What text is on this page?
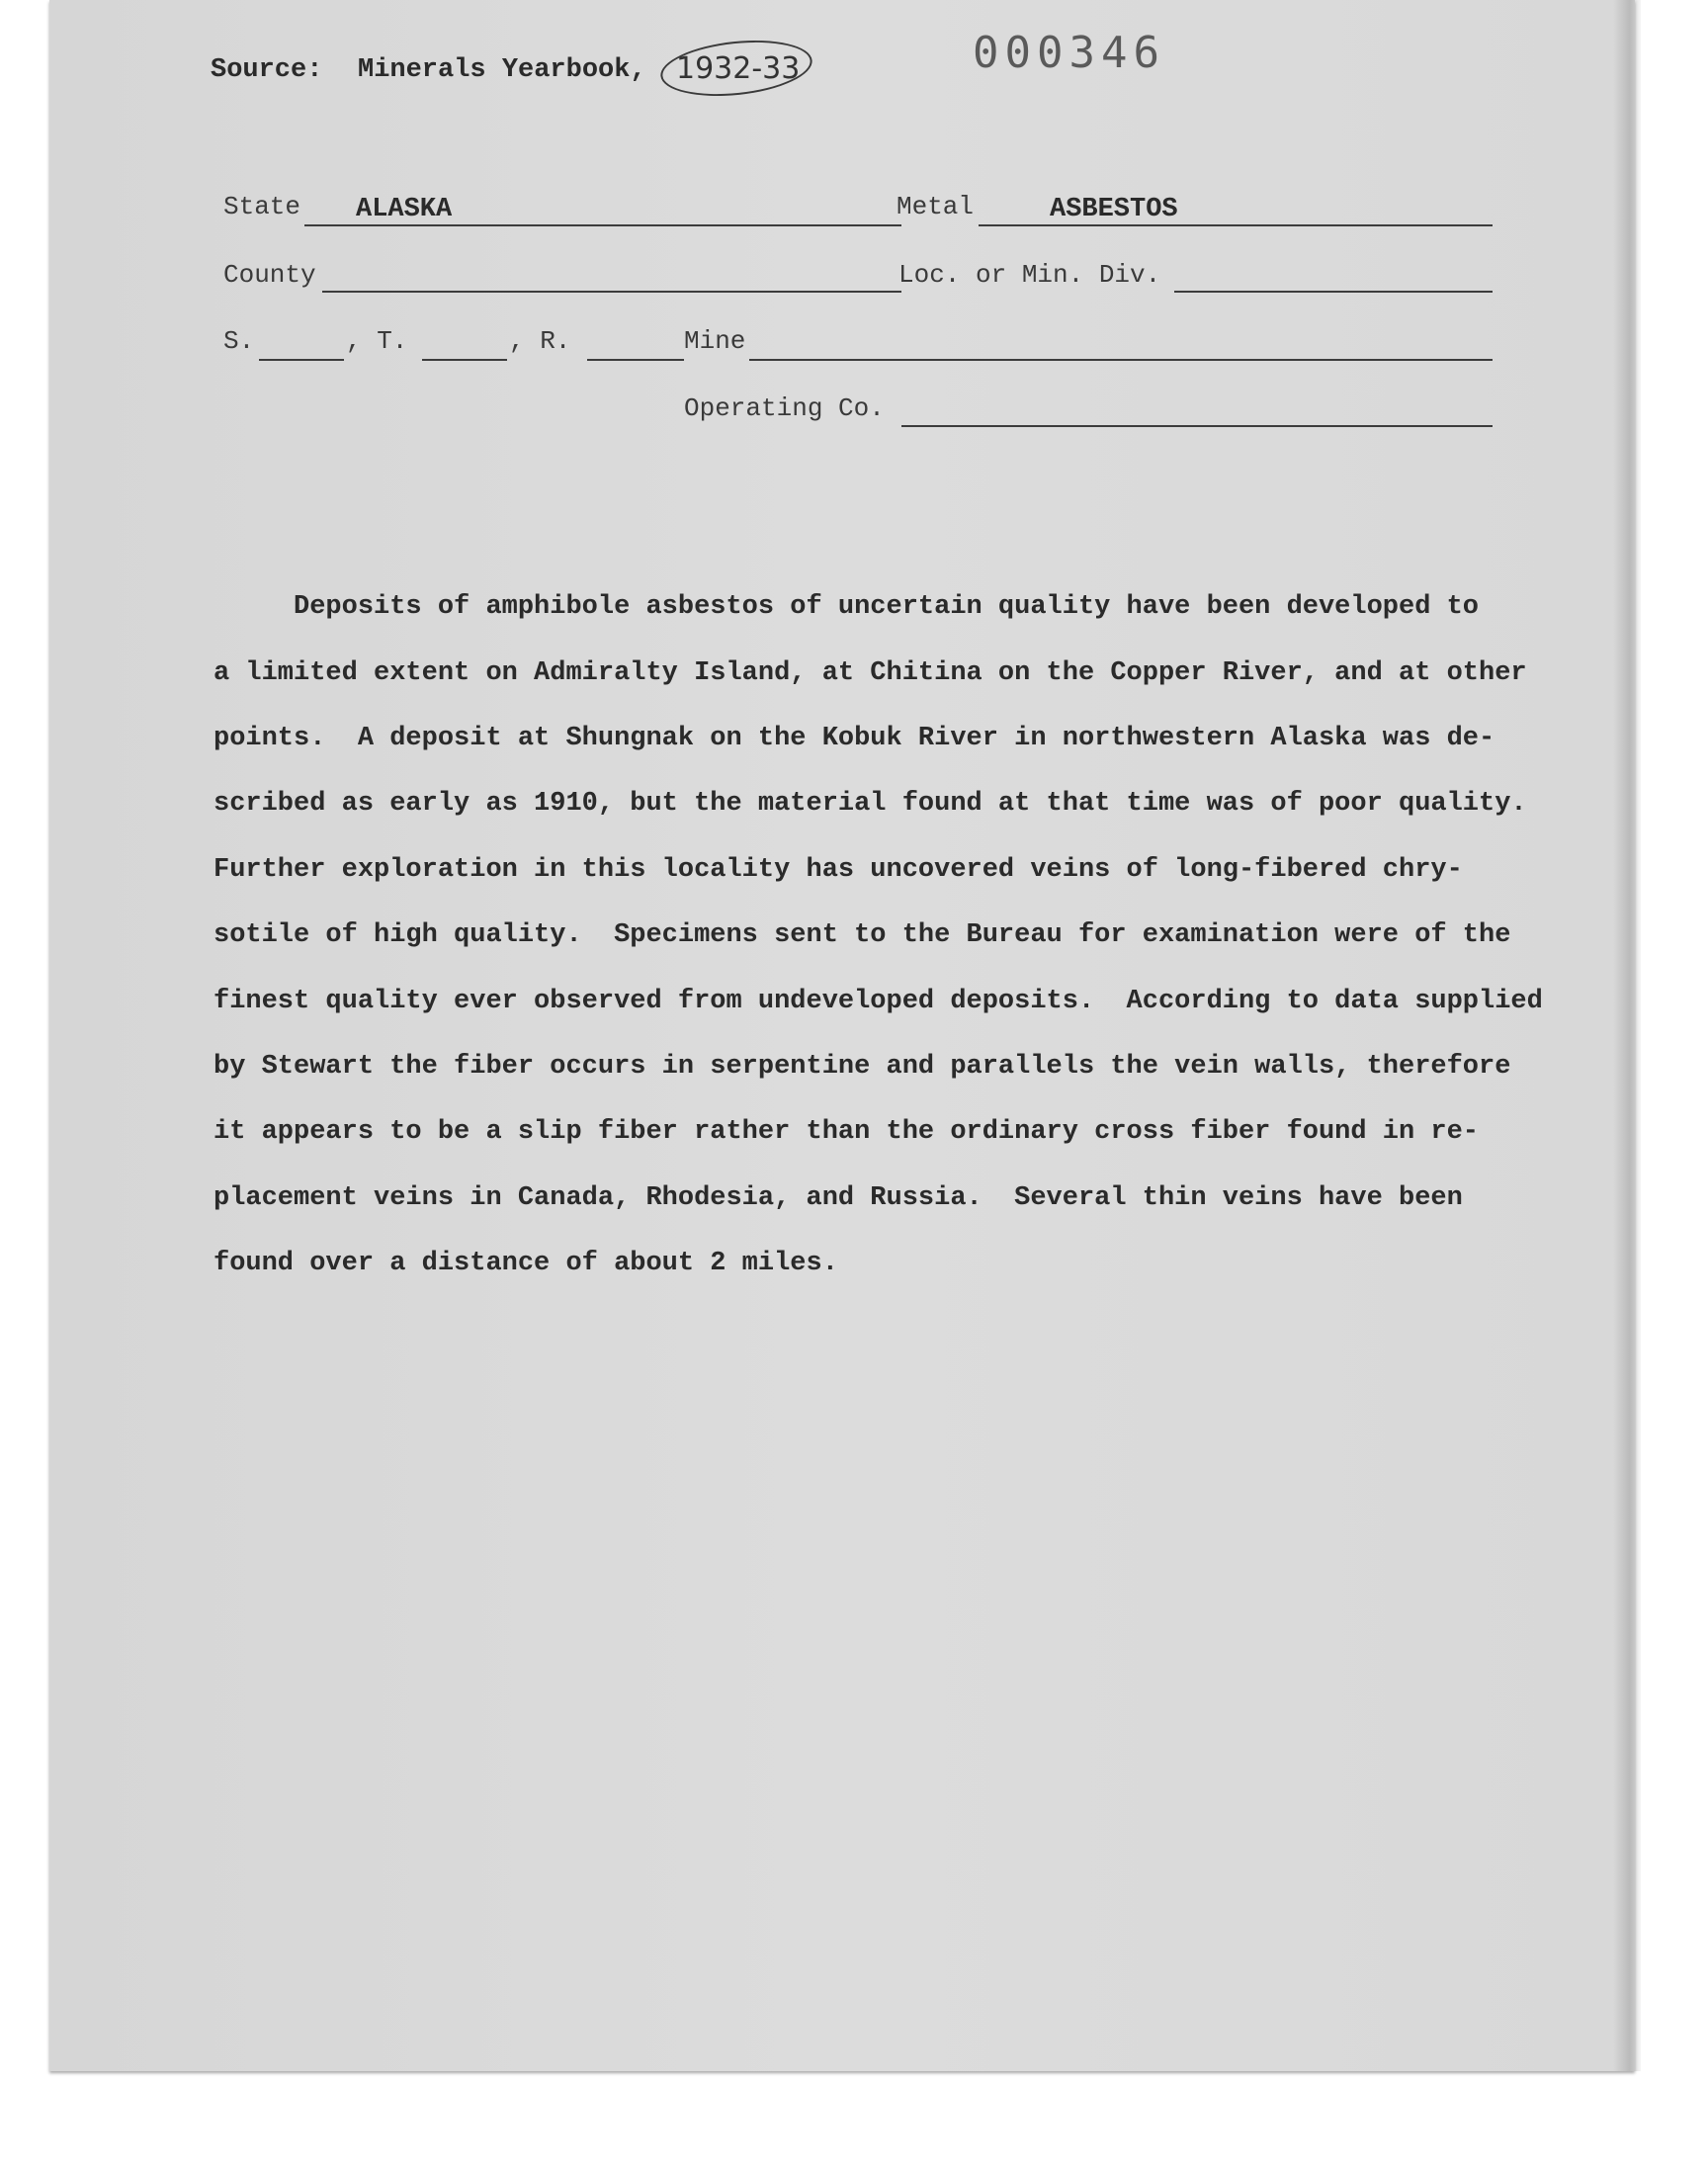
Source: Minerals Yearbook, 1932-33	000346
State ALASKA	Metal	ASBESTOS
County	Loc. or Min. Div.
S.	, T.	, R.	Mine
Operating Co.

Deposits of amphibole asbestos of uncertain quality have been developed to

a limited extent on Admiralty Island, at Chitina on the Copper River, and at other

points.  A deposit at Shungnak on the Kobuk River in northwestern Alaska was de-

scribed as early as 1910, but the material found at that time was of poor quality.

Further exploration in this locality has uncovered veins of long-fibered chry-

sotile of high quality.  Specimens sent to the Bureau for examination were of the

finest quality ever observed from undeveloped deposits.  According to data supplied

by Stewart the fiber occurs in serpentine and parallels the vein walls, therefore

it appears to be a slip fiber rather than the ordinary cross fiber found in re-

placement veins in Canada, Rhodesia, and Russia.  Several thin veins have been

found over a distance of about 2 miles.
